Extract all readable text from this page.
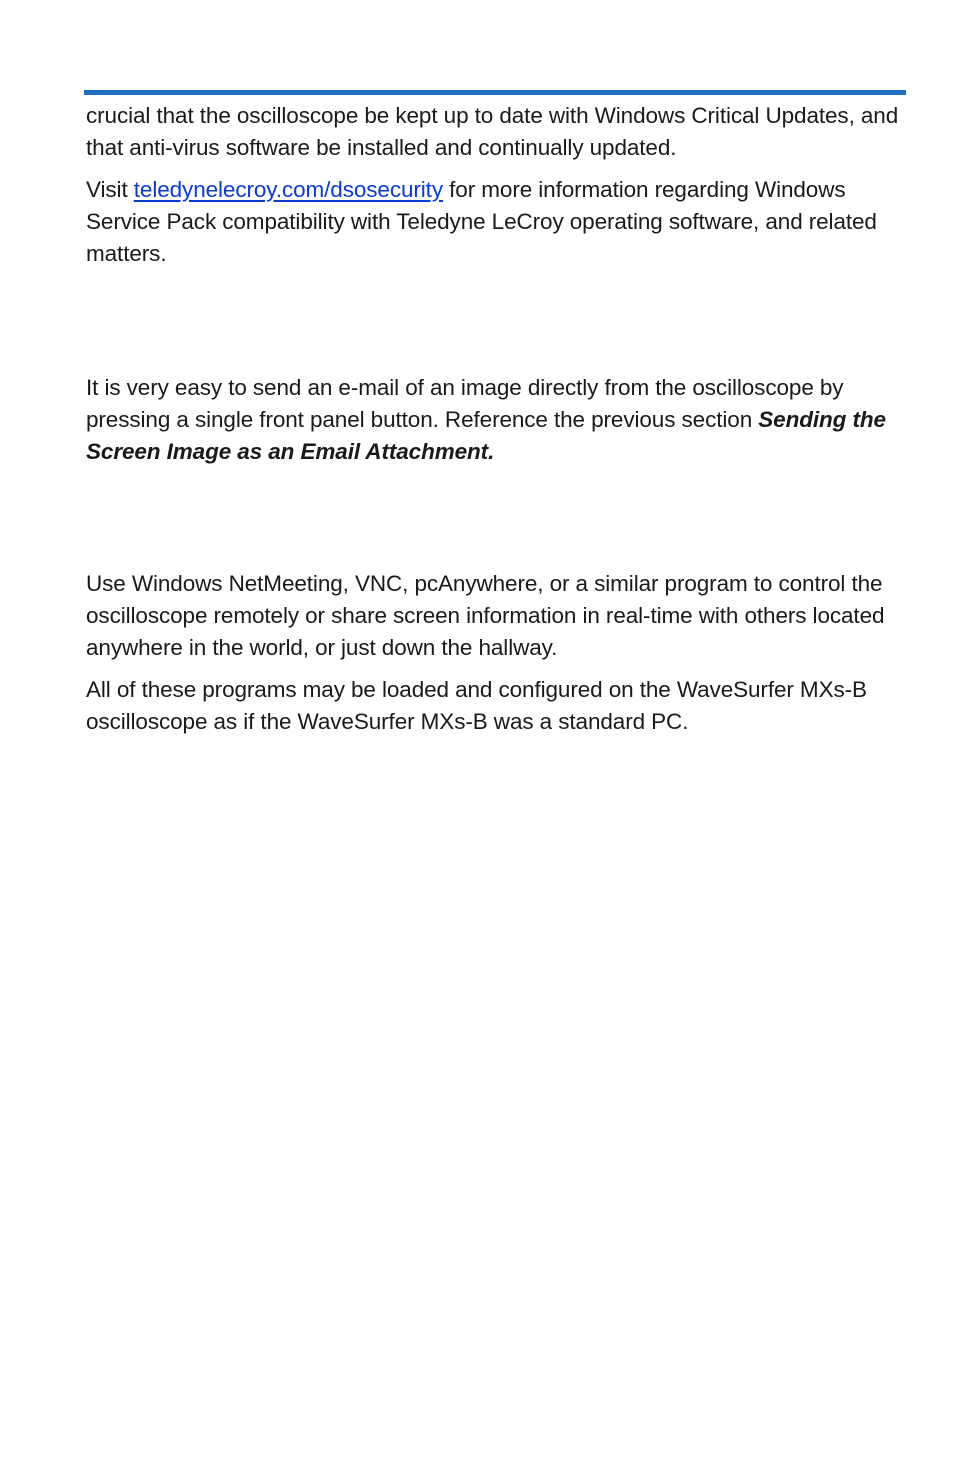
crucial that the oscilloscope be kept up to date with Windows Critical Updates, and that anti-virus software be installed and continually updated.

Visit teledynelecroy.com/dsosecurity for more information regarding Windows Service Pack compatibility with Teledyne LeCroy operating software, and related matters.

It is very easy to send an e-mail of an image directly from the oscilloscope by pressing a single front panel button. Reference the previous section Sending the Screen Image as an Email Attachment.

Use Windows NetMeeting, VNC, pcAnywhere, or a similar program to control the oscilloscope remotely or share screen information in real-time with others located anywhere in the world, or just down the hallway.

All of these programs may be loaded and configured on the WaveSurfer MXs-B oscilloscope as if the WaveSurfer MXs-B was a standard PC.
